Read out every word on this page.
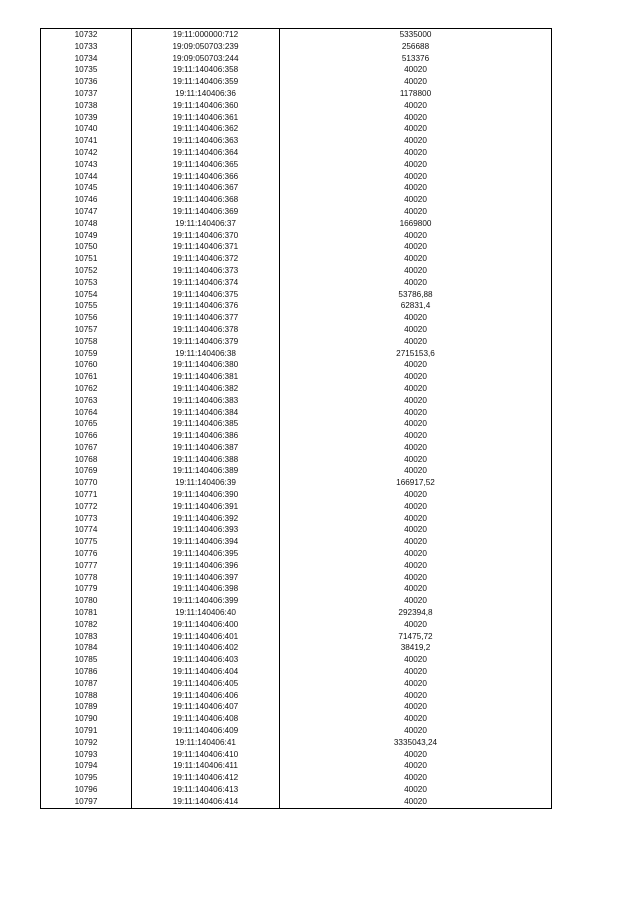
10732	19:11:000000:712	5335000
10733	19:09:050703:239	256688
10734	19:09:050703:244	513376
10735	19:11:140406:358	40020
10736	19:11:140406:359	40020
10737	19:11:140406:36	1178800
10738	19:11:140406:360	40020
10739	19:11:140406:361	40020
10740	19:11:140406:362	40020
10741	19:11:140406:363	40020
10742	19:11:140406:364	40020
10743	19:11:140406:365	40020
10744	19:11:140406:366	40020
10745	19:11:140406:367	40020
10746	19:11:140406:368	40020
10747	19:11:140406:369	40020
10748	19:11:140406:37	1669800
10749	19:11:140406:370	40020
10750	19:11:140406:371	40020
10751	19:11:140406:372	40020
10752	19:11:140406:373	40020
10753	19:11:140406:374	40020
10754	19:11:140406:375	53786,88
10755	19:11:140406:376	62831,4
10756	19:11:140406:377	40020
10757	19:11:140406:378	40020
10758	19:11:140406:379	40020
10759	19:11:140406:38	2715153,6
10760	19:11:140406:380	40020
10761	19:11:140406:381	40020
10762	19:11:140406:382	40020
10763	19:11:140406:383	40020
10764	19:11:140406:384	40020
10765	19:11:140406:385	40020
10766	19:11:140406:386	40020
10767	19:11:140406:387	40020
10768	19:11:140406:388	40020
10769	19:11:140406:389	40020
10770	19:11:140406:39	166917,52
10771	19:11:140406:390	40020
10772	19:11:140406:391	40020
10773	19:11:140406:392	40020
10774	19:11:140406:393	40020
10775	19:11:140406:394	40020
10776	19:11:140406:395	40020
10777	19:11:140406:396	40020
10778	19:11:140406:397	40020
10779	19:11:140406:398	40020
10780	19:11:140406:399	40020
10781	19:11:140406:40	292394,8
10782	19:11:140406:400	40020
10783	19:11:140406:401	71475,72
10784	19:11:140406:402	38419,2
10785	19:11:140406:403	40020
10786	19:11:140406:404	40020
10787	19:11:140406:405	40020
10788	19:11:140406:406	40020
10789	19:11:140406:407	40020
10790	19:11:140406:408	40020
10791	19:11:140406:409	40020
10792	19:11:140406:41	3335043,24
10793	19:11:140406:410	40020
10794	19:11:140406:411	40020
10795	19:11:140406:412	40020
10796	19:11:140406:413	40020
10797	19:11:140406:414	40020
